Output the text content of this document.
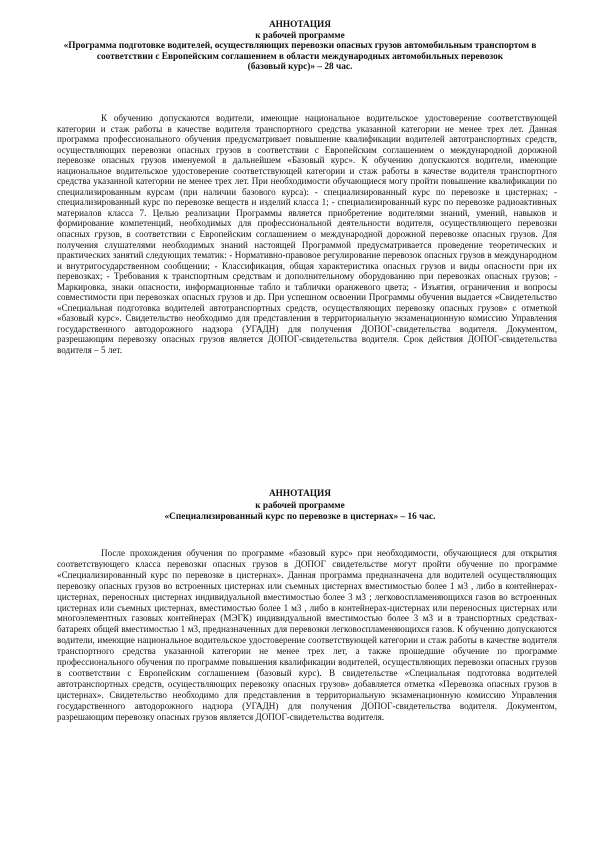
АННОТАЦИЯ
к рабочей программе
«Программа подготовке водителей, осуществляющих перевозки опасных грузов автомобильным транспортом в соответствии с Европейским соглашением в области международных автомобильных перевозок
(базовый курс)» – 28 час.

К обучению допускаются водители, имеющие национальное водительское удостоверение соответствующей категории и стаж работы в качестве водителя транспортного средства указанной категории не менее трех лет. Данная программа профессионального обучения предусматривает повышение квалификации водителей автотранспортных средств, осуществляющих перевозки опасных грузов в соответствии с Европейским соглашением о международной дорожной перевозке опасных грузов именуемой в дальнейшем «Базовый курс». К обучению допускаются водители, имеющие национальное водительское удостоверение соответствующей категории и стаж работы в качестве водителя транспортного средства указанной категории не менее трех лет. При необходимости обучающиеся могу пройти повышение квалификации по специализированным курсам (при наличии базового курса): - специализированный курс по перевозке в цистернах; - специализированный курс по перевозке веществ и изделий класса 1; - специализированный курс по перевозке радиоактивных материалов класса 7. Целью реализации Программы является приобретение водителями знаний, умений, навыков и формирование компетенций, необходимых для профессиональной деятельности водителя, осуществляющего перевозки опасных грузов, в соответствии с Европейским соглашением о международной дорожной перевозке опасных грузов. Для получения слушателями необходимых знаний настоящей Программой предусматривается проведение теоретических и практических занятий следующих тематик: - Нормативно-правовое регулирование перевозок опасных грузов в международном и внутригосударственном сообщении; - Классификация, общая характеристика опасных грузов и виды опасности при их перевозках; - Требования к транспортным средствам и дополнительному оборудованию при перевозках опасных грузов; - Маркировка, знаки опасности, информационные табло и таблички оранжевого цвета; - Изъятия, ограничения и вопросы совместимости при перевозках опасных грузов и др. При успешном освоении Программы обучения выдается «Свидетельство «Специальная подготовка водителей автотранспортных средств, осуществляющих перевозку опасных грузов» с отметкой «базовый курс». Свидетельство необходимо для представления в территориальную экзаменационную комиссию Управления государственного автодорожного надзора (УГАДН) для получения ДОПОГ-свидетельства водителя. Документом, разрешающим перевозку опасных грузов является ДОПОГ-свидетельства водителя. Срок действия ДОПОГ-свидетельства водителя – 5 лет.

АННОТАЦИЯ
к рабочей программе
«Специализированный курс по перевозке в цистернах» – 16 час.

После прохождения обучения по программе «базовый курс» при необходимости, обучающиеся для открытия соответствующего класса перевозки опасных грузов в ДОПОГ свидетельстве могут пройти обучение по программе «Специализированный курс по перевозке в цистернах». Данная программа предназначена для водителей осуществляющих перевозку опасных грузов во встроенных цистернах или съемных цистернах вместимостью более 1 м3 , либо в контейнерах-цистернах, переносных цистернах индивидуальной вместимостью более 3 м3 ; легковоспламеняющихся газов во встроенных цистернах или съемных цистернах, вместимостью более 1 м3 , либо в контейнерах-цистернах или переносных цистернах или многоэлементных газовых контейнерах (МЭГК) индивидуальной вместимостью более 3 м3 и в транспортных средствах-батареях общей вместимостью 1 м3, предназначенных для перевозки легковоспламеняющихся газов. К обучению допускаются водители, имеющие национальное водительское удостоверение соответствующей категории и стаж работы в качестве водителя транспортного средства указанной категории не менее трех лет, а также прошедшие обучение по программе профессионального обучения по программе повышения квалификации водителей, осуществляющих перевозки опасных грузов в соответствии с Европейским соглашением (базовый курс). В свидетельстве «Специальная подготовка водителей автотранспортных средств, осуществляющих перевозку опасных грузов» добавляется отметка «Перевозка опасных грузов в цистернах». Свидетельство необходимо для представления в территориальную экзаменационную комиссию Управления государственного автодорожного надзора (УГАДН) для получения ДОПОГ-свидетельства водителя. Документом, разрешающим перевозку опасных грузов является ДОПОГ-свидетельства водителя.
